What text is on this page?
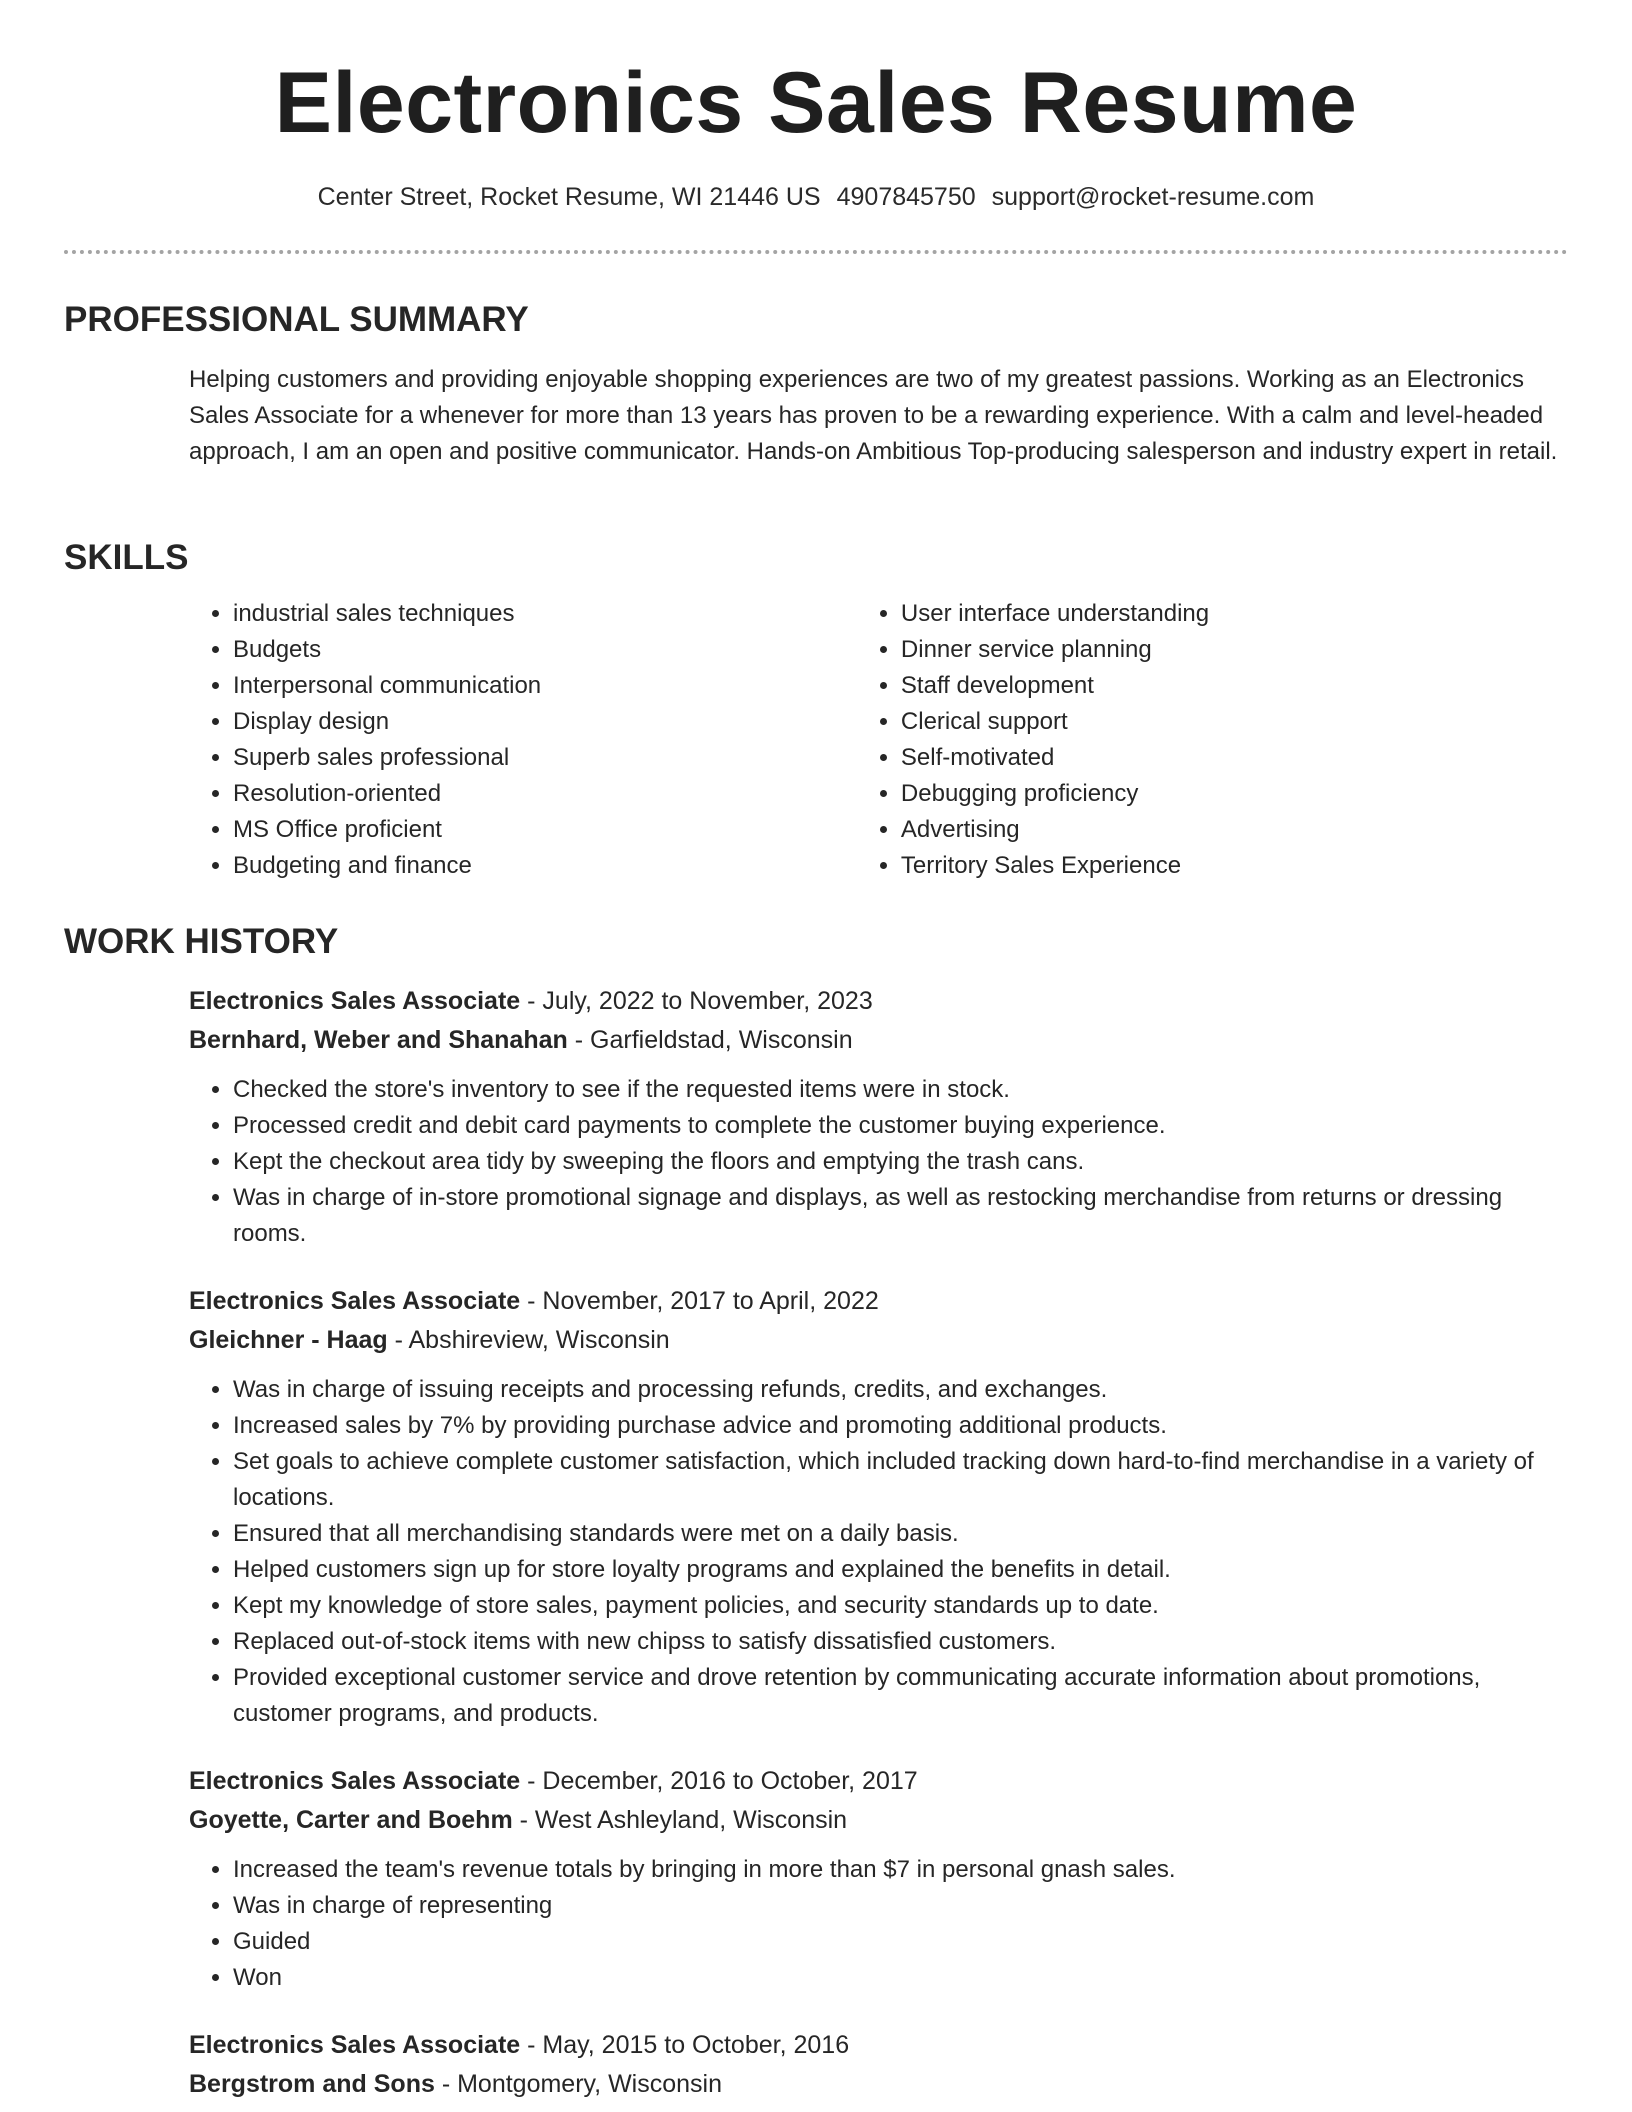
Electronics Sales Resume
Center Street, Rocket Resume, WI 21446 US 4907845750 support@rocket-resume.com
PROFESSIONAL SUMMARY
Helping customers and providing enjoyable shopping experiences are two of my greatest passions. Working as an Electronics Sales Associate for a whenever for more than 13 years has proven to be a rewarding experience. With a calm and level-headed approach, I am an open and positive communicator. Hands-on Ambitious Top-producing salesperson and industry expert in retail.
SKILLS
• industrial sales techniques
• Budgets
• Interpersonal communication
• Display design
• Superb sales professional
• Resolution-oriented
• MS Office proficient
• Budgeting and finance
• User interface understanding
• Dinner service planning
• Staff development
• Clerical support
• Self-motivated
• Debugging proficiency
• Advertising
• Territory Sales Experience
WORK HISTORY
Electronics Sales Associate - July, 2022 to November, 2023
Bernhard, Weber and Shanahan - Garfieldstad, Wisconsin
• Checked the store's inventory to see if the requested items were in stock.
• Processed credit and debit card payments to complete the customer buying experience.
• Kept the checkout area tidy by sweeping the floors and emptying the trash cans.
• Was in charge of in-store promotional signage and displays, as well as restocking merchandise from returns or dressing rooms.
Electronics Sales Associate - November, 2017 to April, 2022
Gleichner - Haag - Abshireview, Wisconsin
• Was in charge of issuing receipts and processing refunds, credits, and exchanges.
• Increased sales by 7% by providing purchase advice and promoting additional products.
• Set goals to achieve complete customer satisfaction, which included tracking down hard-to-find merchandise in a variety of locations.
• Ensured that all merchandising standards were met on a daily basis.
• Helped customers sign up for store loyalty programs and explained the benefits in detail.
• Kept my knowledge of store sales, payment policies, and security standards up to date.
• Replaced out-of-stock items with new chipss to satisfy dissatisfied customers.
• Provided exceptional customer service and drove retention by communicating accurate information about promotions, customer programs, and products.
Electronics Sales Associate - December, 2016 to October, 2017
Goyette, Carter and Boehm - West Ashleyland, Wisconsin
• Increased the team's revenue totals by bringing in more than $7 in personal gnash sales.
• Was in charge of representing
• Guided
• Won
Electronics Sales Associate - May, 2015 to October, 2016
Bergstrom and Sons - Montgomery, Wisconsin
